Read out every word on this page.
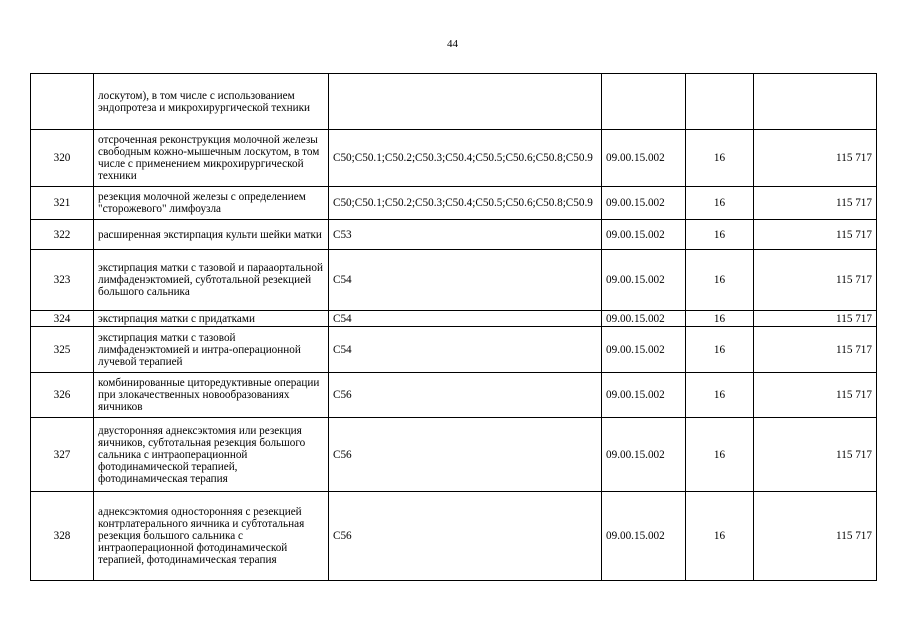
44
	лоскутом), в том числе с использованием эндопротеза и микрохирургической техники				
320	отсроченная реконструкция молочной железы свободным кожно-мышечным лоскутом, в том числе с применением микрохирургической техники	C50;C50.1;C50.2;C50.3;C50.4;C50.5;C50.6;C50.8;C50.9	09.00.15.002	16	115 717
321	резекция молочной железы с определением "сторожевого" лимфоузла	C50;C50.1;C50.2;C50.3;C50.4;C50.5;C50.6;C50.8;C50.9	09.00.15.002	16	115 717
322	расширенная экстирпация культи шейки матки	C53	09.00.15.002	16	115 717
323	экстирпация матки с тазовой и парааортальной лимфаденэктомией, субтотальной резекцией большого сальника	C54	09.00.15.002	16	115 717
324	экстирпация матки с придатками	C54	09.00.15.002	16	115 717
325	экстирпация матки с тазовой лимфаденэктомией и интра-операционной лучевой терапией	C54	09.00.15.002	16	115 717
326	комбинированные циторедуктивные операции при злокачественных новообразованиях яичников	C56	09.00.15.002	16	115 717
327	двусторонняя аднексэктомия или резекция яичников, субтотальная резекция большого сальника с интраоперационной фотодинамической терапией, фотодинамическая терапия	C56	09.00.15.002	16	115 717
328	аднексэктомия односторонняя с резекцией контрлатерального яичника и субтотальная резекция большого сальника с интраоперационной фотодинамической терапией, фотодинамическая терапия	C56	09.00.15.002	16	115 717
